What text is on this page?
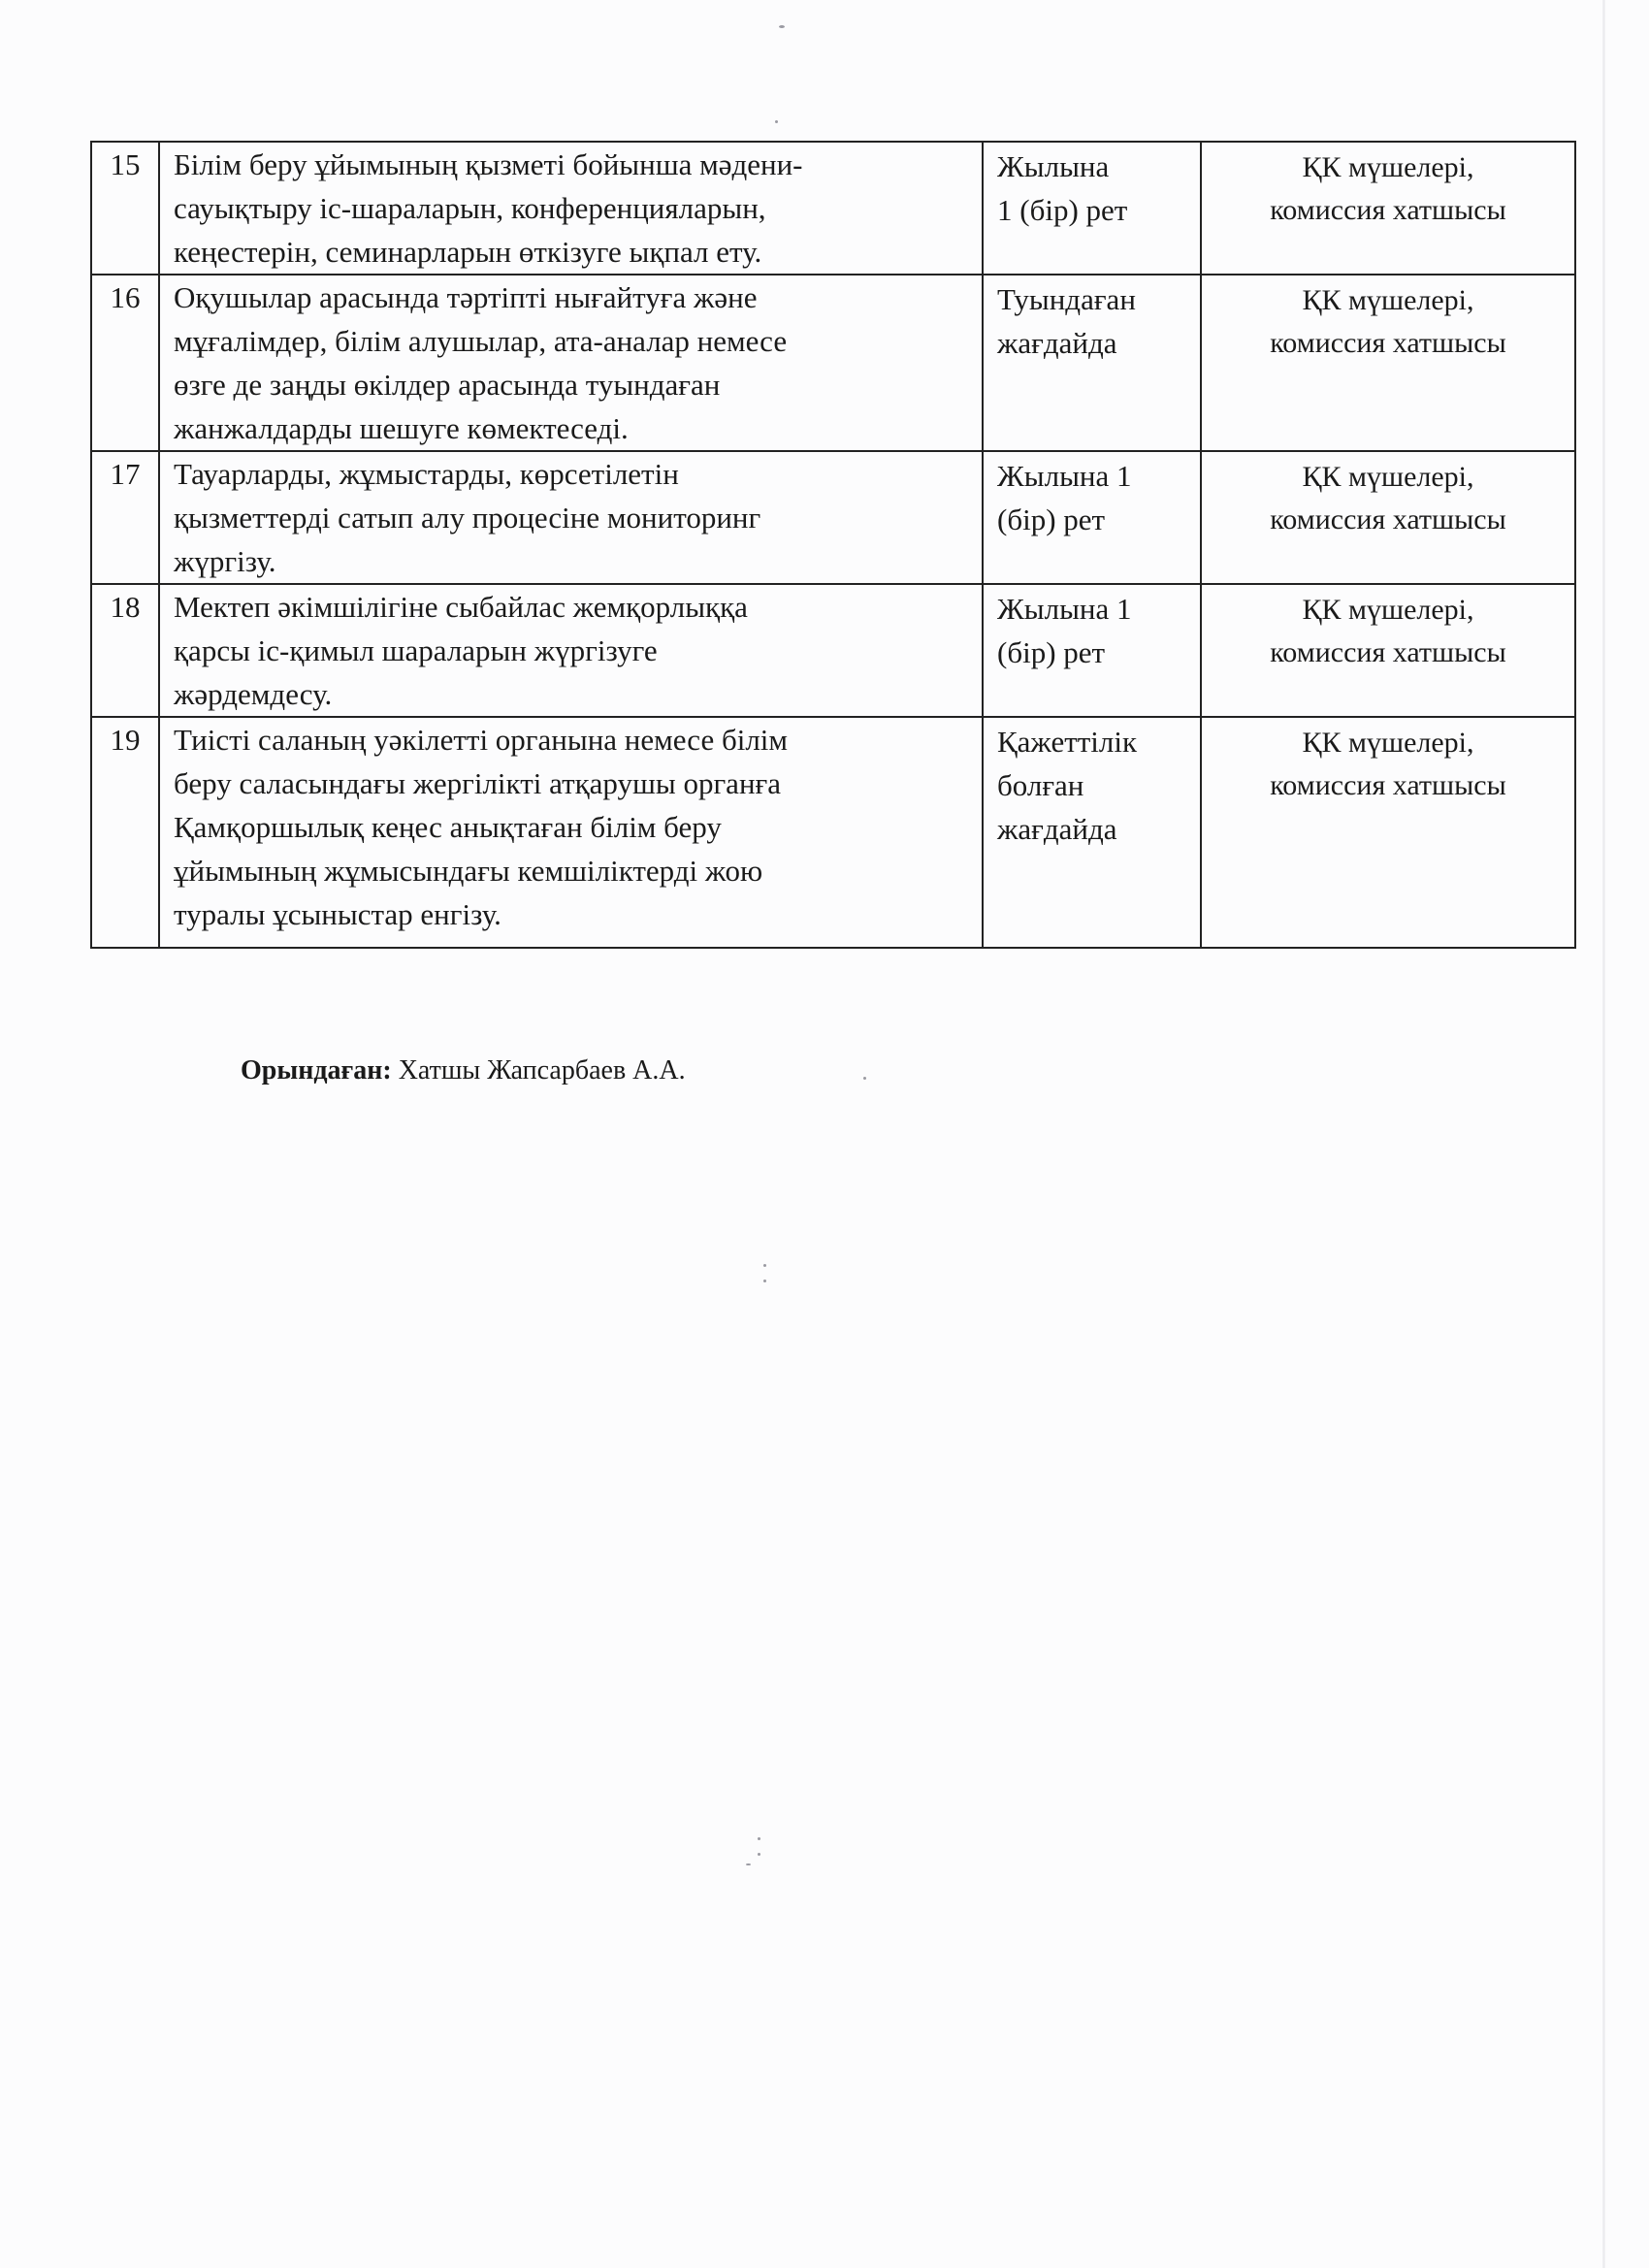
15	Білім беру ұйымының қызметі бойынша мәдени-
сауықтыру іс-шараларын, конференцияларын,
кеңестерін, семинарларын өткізуге ықпал ету.	Жылына
1 (бір) рет	ҚК мүшелері,
комиссия хатшысы

16	Оқушылар арасында тәртіпті нығайтуға және
мұғалімдер, білім алушылар, ата-аналар немесе
өзге де заңды өкілдер арасында туындаған
жанжалдарды шешуге көмектеседі.	Туындаған
жағдайда	ҚК мүшелері,
комиссия хатшысы

17	Тауарларды, жұмыстарды, көрсетілетін
қызметтерді сатып алу процесіне мониторинг
жүргізу.	Жылына 1
(бір) рет	ҚК мүшелері,
комиссия хатшысы

18	Мектеп әкімшілігіне сыбайлас жемқорлыққа
қарсы іс-қимыл шараларын жүргізуге
жәрдемдесу.	Жылына 1
(бір) рет	ҚК мүшелері,
комиссия хатшысы

19	Тиісті саланың уәкілетті органына немесе білім
беру саласындағы жергілікті атқарушы органға
Қамқоршылық кеңес анықтаған білім беру
ұйымының жұмысындағы кемшіліктерді жою
туралы ұсыныстар енгізу.	Қажеттілік
болған
жағдайда	ҚК мүшелері,
комиссия хатшысы
Орындаған: Хатшы Жапсарбаев А.А.
